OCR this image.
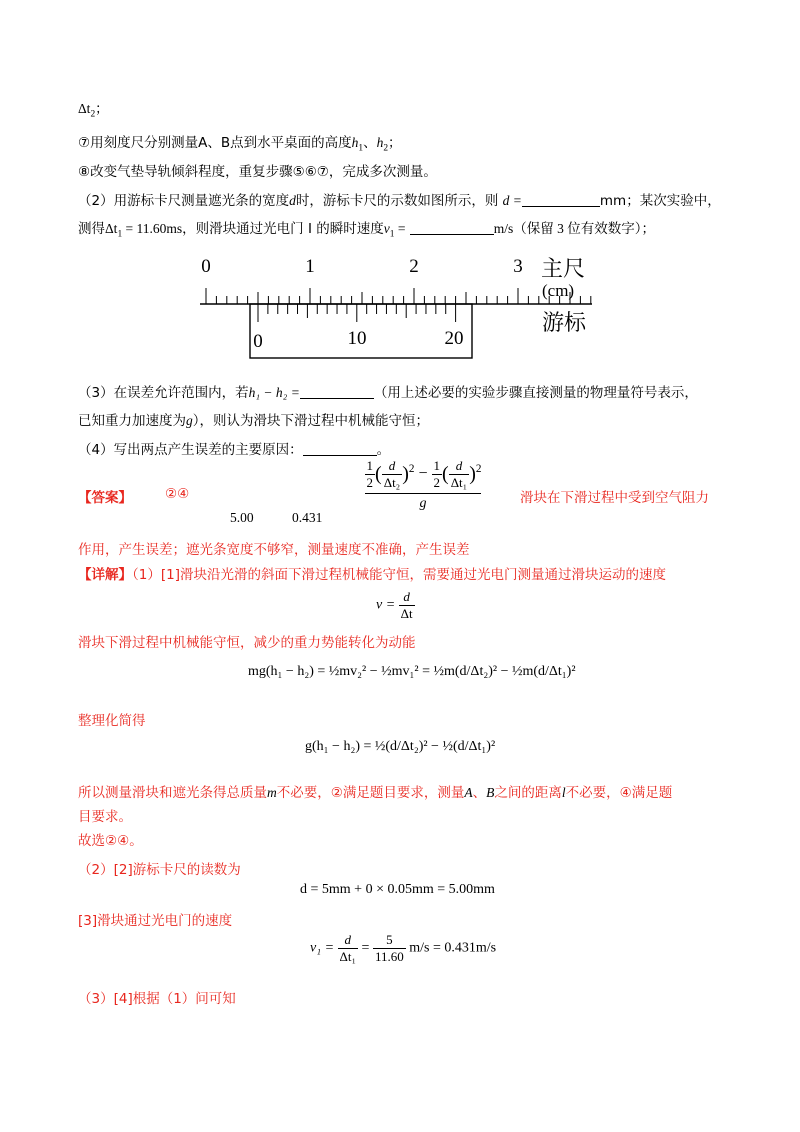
$\Delta t_2$；
⑦用刻度尺分别测量A、B点到水平桌面的高度$h_1$、$h_2$；
⑧改变气垫导轨倾斜程度，重复步骤⑤⑥⑦，完成多次测量。
（2）用游标卡尺测量遮光条的宽度d时，游标卡尺的示数如图所示，则 d =	mm；某次实验中，
测得$\Delta t_1 = 11.60ms$，则滑块通过光电门 I 的瞬时速度$v_1$ =	m/s（保留 3 位有效数字）；
0	1	2	3 主尺
(cm)
0	10	20
游标
（3）在误差允许范围内，若h₁ − h₂ =	（用上述必要的实验步骤直接测量的物理量符号表示，
已知重力加速度为g），则认为滑块下滑过程中机械能守恒；
（4）写出两点产生误差的主要原因：	。
【答案】 ②④
5.00	0.431
$\frac{1}{2}$ ( $\frac{d}{\text{Δt₂}} )^2 - \frac{1}{2}$ ( $\frac{d}{\text{Δt₁}} )^2$
g	滑块在下滑过程中受到空气阻力
作用，产生误差；遮光条宽度不够窄，测量速度不准确，产生误差
【详解】（1）[1]滑块沿光滑的斜面下滑过程机械能守恒，需要通过光电门测量通过滑块运动的速度
$v = \frac{d}{\Delta t}$
滑块下滑过程中机械能守恒，减少的重力势能转化为动能
mg(h₁ − h₂) = ½mv₂² − ½mv₁² = ½m(d/Δt₂)² − ½m(d/Δt₁)²
整理化简得
g(h₁ − h₂) = ½(d/Δt₂)² − ½(d/Δt₁)²
所以测量滑块和遮光条得总质量m不必要，②满足题目要求，测量A、B之间的距离l不必要，④满足题
目要求。
故选②④。
（2）[2]游标卡尺的读数为
d = 5mm + 0 × 0.05mm = 5.00mm
[3]滑块通过光电门的速度
$v_1 = \frac{d}{\text{Δt₁}} = \frac{5}{11.60} m/s = 0.431m/s$
（3）[4]根据（1）问可知
